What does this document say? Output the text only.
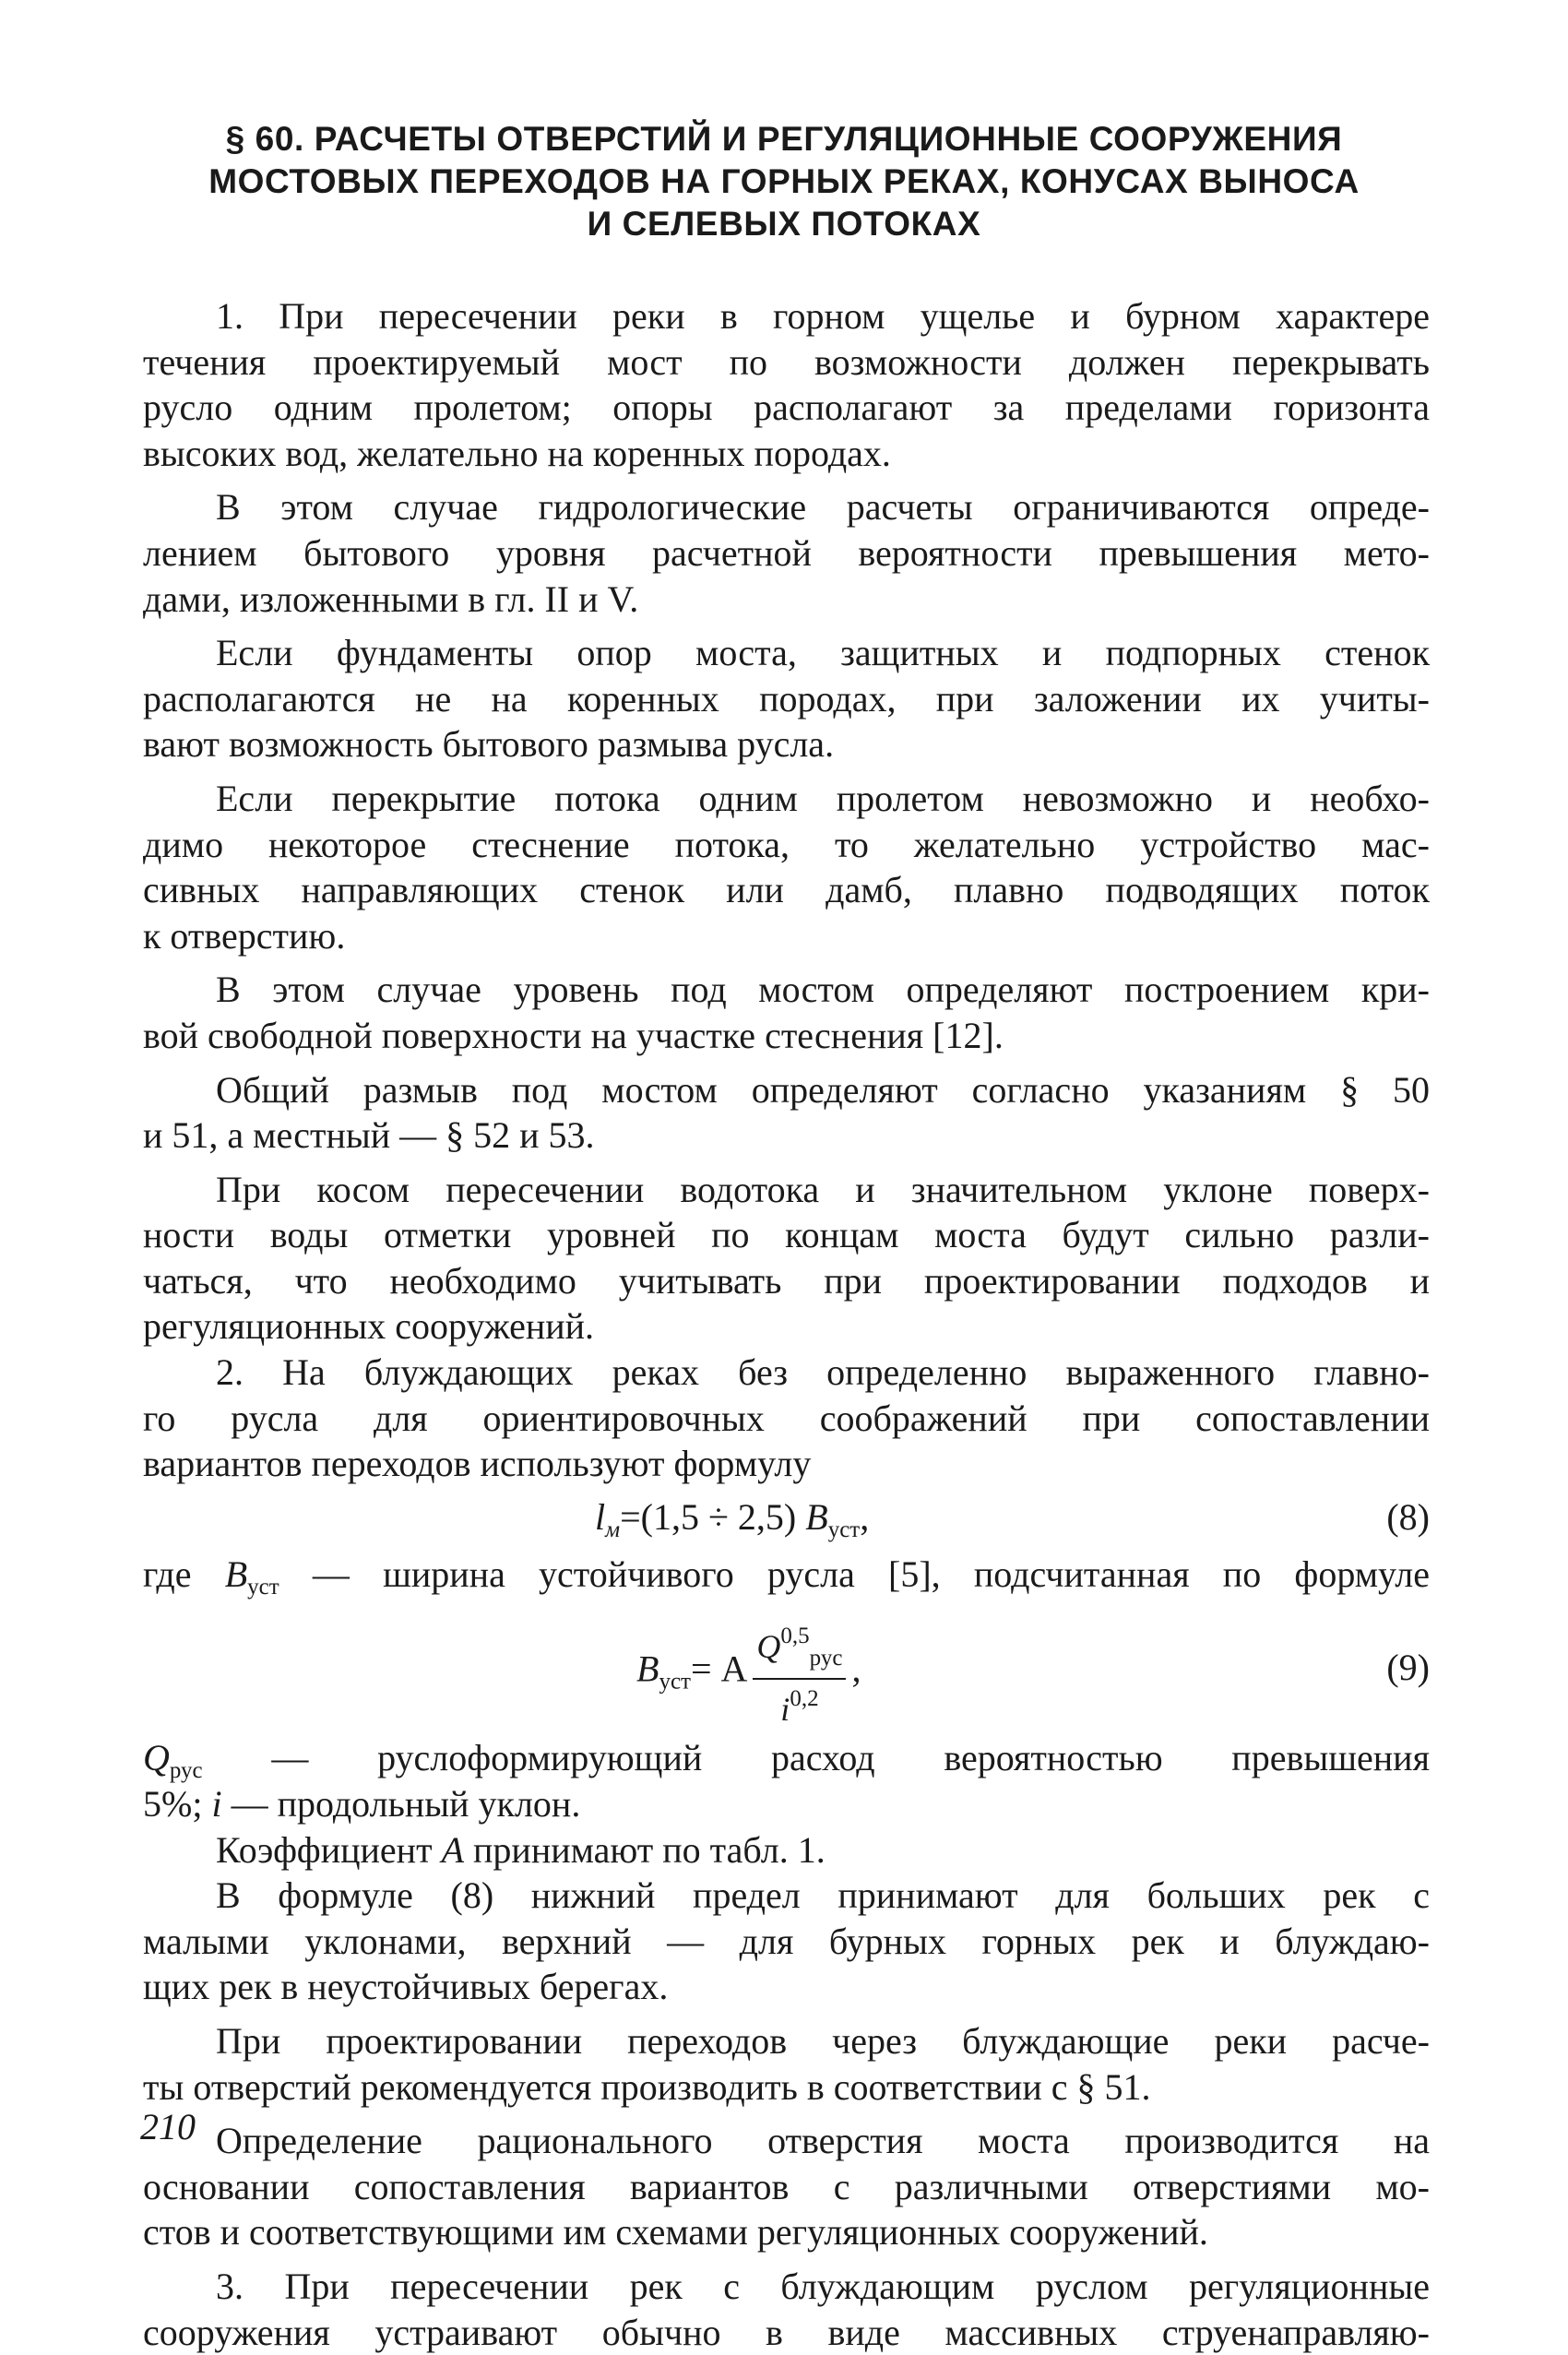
§ 60. РАСЧЕТЫ ОТВЕРСТИЙ И РЕГУЛЯЦИОННЫЕ СООРУЖЕНИЯ
МОСТОВЫХ ПЕРЕХОДОВ НА ГОРНЫХ РЕКАХ, КОНУСАХ ВЫНОСА
И СЕЛЕВЫХ ПОТОКАХ
1. При пересечении реки в горном ущелье и бурном характере
течения проектируемый мост по возможности должен перекрывать
русло одним пролетом; опоры располагают за пределами горизонта
высоких вод, желательно на коренных породах.
В этом случае гидрологические расчеты ограничиваются опреде-
лением бытового уровня расчетной вероятности превышения мето-
дами, изложенными в гл. II и V.
Если фундаменты опор моста, защитных и подпорных стенок
располагаются не на коренных породах, при заложении их учиты-
вают возможность бытового размыва русла.
Если перекрытие потока одним пролетом невозможно и необхо-
димо некоторое стеснение потока, то желательно устройство мас-
сивных направляющих стенок или дамб, плавно подводящих поток
к отверстию.
В этом случае уровень под мостом определяют построением кри-
вой свободной поверхности на участке стеснения [12].
Общий размыв под мостом определяют согласно указаниям § 50
и 51, а местный — § 52 и 53.
При косом пересечении водотока и значительном уклоне поверх-
ности воды отметки уровней по концам моста будут сильно разли-
чаться, что необходимо учитывать при проектировании подходов и
регуляционных сооружений.
2. На блуждающих реках без определенно выраженного главно-
го русла для ориентировочных соображений при сопоставлении
вариантов переходов используют формулу
$l_м=(1,5 \div 2,5)$ $B_{уст}$,	(8)
где $B_{уст}$ — ширина устойчивого русла [5], подсчитанная по формуле
$B_{уст}= A \frac{Q^{0,5}_{рус}}{i^{0,2}}$ ,	(9)
$Q_{рус}$ — руслоформирующий расход вероятностью превышения
5%; i — продольный уклон.
Коэффициент A принимают по табл. 1.
В формуле (8) нижний предел принимают для больших рек с
малыми уклонами, верхний — для бурных горных рек и блуждаю-
щих рек в неустойчивых берегах.
При проектировании переходов через блуждающие реки расче-
ты отверстий рекомендуется производить в соответствии с § 51.
Определение рационального отверстия моста производится на
основании сопоставления вариантов с различными отверстиями мо-
стов и соответствующими им схемами регуляционных сооружений.
3. При пересечении рек с блуждающим руслом регуляционные
сооружения устраивают обычно в виде массивных струенаправляю-
210
